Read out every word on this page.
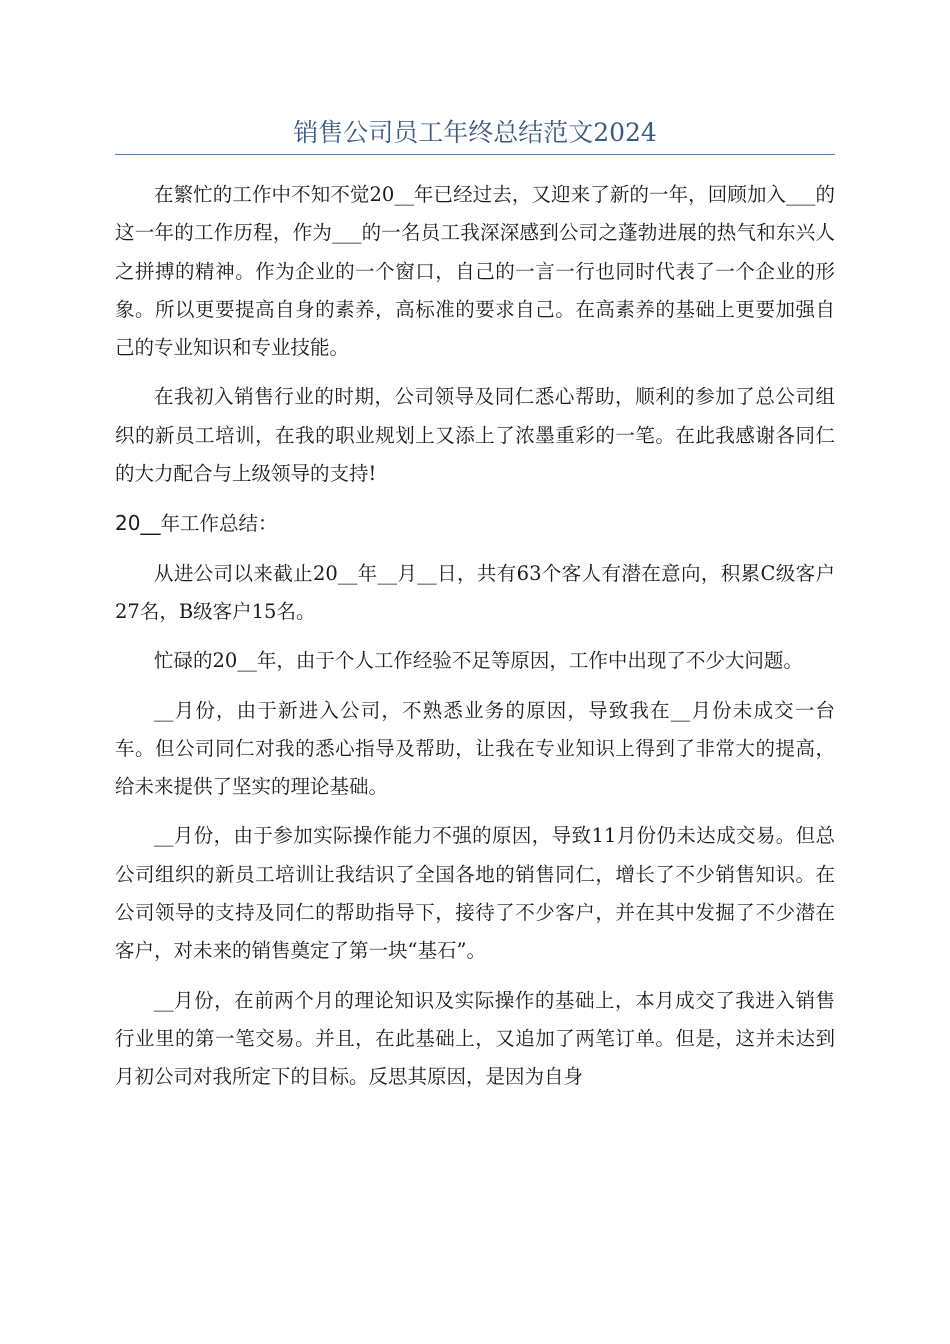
销售公司员工年终总结范文2024

在繁忙的工作中不知不觉20__年已经过去，又迎来了新的一年，回顾加入___的这一年的工作历程，作为___的一名员工我深深感到公司之蓬勃进展的热气和东兴人之拼搏的精神。作为企业的一个窗口，自己的一言一行也同时代表了一个企业的形象。所以更要提高自身的素养，高标准的要求自己。在高素养的基础上更要加强自己的专业知识和专业技能。

在我初入销售行业的时期，公司领导及同仁悉心帮助，顺利的参加了总公司组织的新员工培训，在我的职业规划上又添上了浓墨重彩的一笔。在此我感谢各同仁的大力配合与上级领导的支持!

20__年工作总结：

从进公司以来截止20__年__月__日，共有63个客人有潜在意向，积累C级客户27名，B级客户15名。

忙碌的20__年，由于个人工作经验不足等原因，工作中出现了不少大问题。

__月份，由于新进入公司，不熟悉业务的原因，导致我在__月份未成交一台车。但公司同仁对我的悉心指导及帮助，让我在专业知识上得到了非常大的提高，给未来提供了坚实的理论基础。

__月份，由于参加实际操作能力不强的原因，导致11月份仍未达成交易。但总公司组织的新员工培训让我结识了全国各地的销售同仁，增长了不少销售知识。在公司领导的支持及同仁的帮助指导下，接待了不少客户，并在其中发掘了不少潜在客户，对未来的销售奠定了第一块“基石”。

__月份，在前两个月的理论知识及实际操作的基础上，本月成交了我进入销售行业里的第一笔交易。并且，在此基础上，又追加了两笔订单。但是，这并未达到月初公司对我所定下的目标。反思其原因，是因为自身
